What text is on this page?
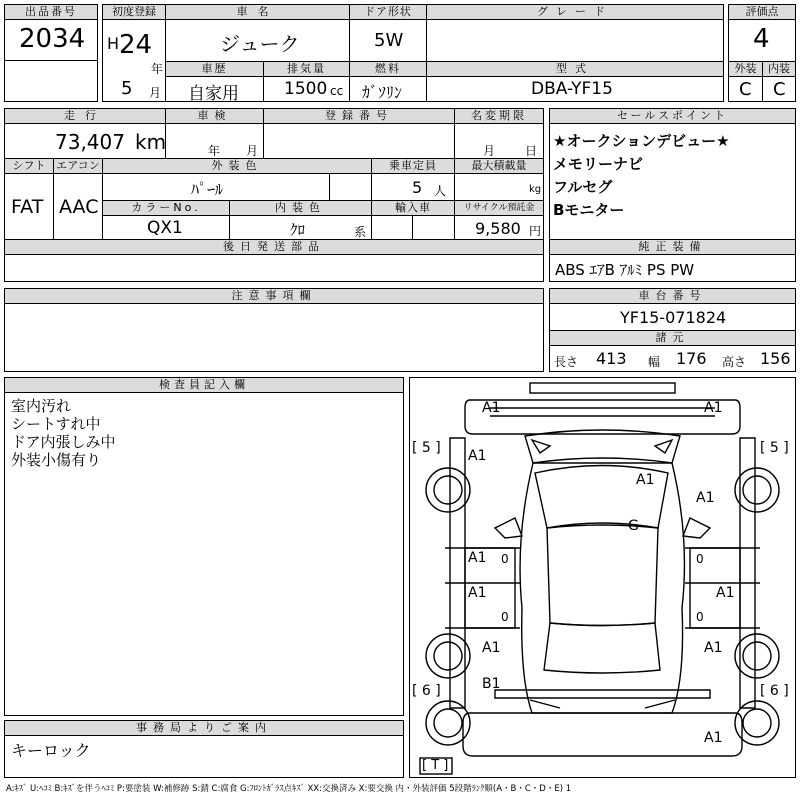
出品番号
2034
初度登録
H 24
年
5 月
車名
ジューク
ドア形状
5W
グレード	評価点
4
車歴
自家用
排気量
1500 cc
燃料
ｶﾞｿﾘﾝ
型式
DBA-YF15
外装
C
内装
C
走行
73,407 km
車検
年 月
登録番号	名変期限
月 日
シフト
FAT
エアコン
AAC
外装色
ﾊﾟｰﾙ
乗車定員
5 人
最大積載量
kg
カラーNo.
QX1
内装色
ｸﾛ	系
輸入車	リサイクル預託金
9,580 円
後日発送部品
セールスポイント
★オークションデビュー★
メモリーナビ
フルセグ
Bモニター
純正装備
ABS ｴｱB ｱﾙﾐ PS PW
注意事項欄	車台番号
YF15-071824
諸元
長さ 413 幅 176 高さ 156
検査員記入欄
室内汚れ
シートすれ中
ドア内張しみ中
外装小傷有り
事務局よりご案内
キーロック
A1	A1
A1
A1
A1
A1
G
A1	A1
A1	A1
B1
A1
0	0
0	0
[ 5 ]	[ 5 ]
[ 6 ]	[ 6 ]
[ T ]
A:ｷｽﾞ U:ﾍｺﾐ B:ｷｽﾞを伴うﾍｺﾐ P:要塗装 W:補修跡 S:錆 C:腐食 G:ﾌﾛﾝﾄｶﾞﾗｽ点ｷｽﾞ XX:交換済み X:要交換 内・外装評価 5段階ﾗﾝｸ順(A・B・C・D・E) 1
